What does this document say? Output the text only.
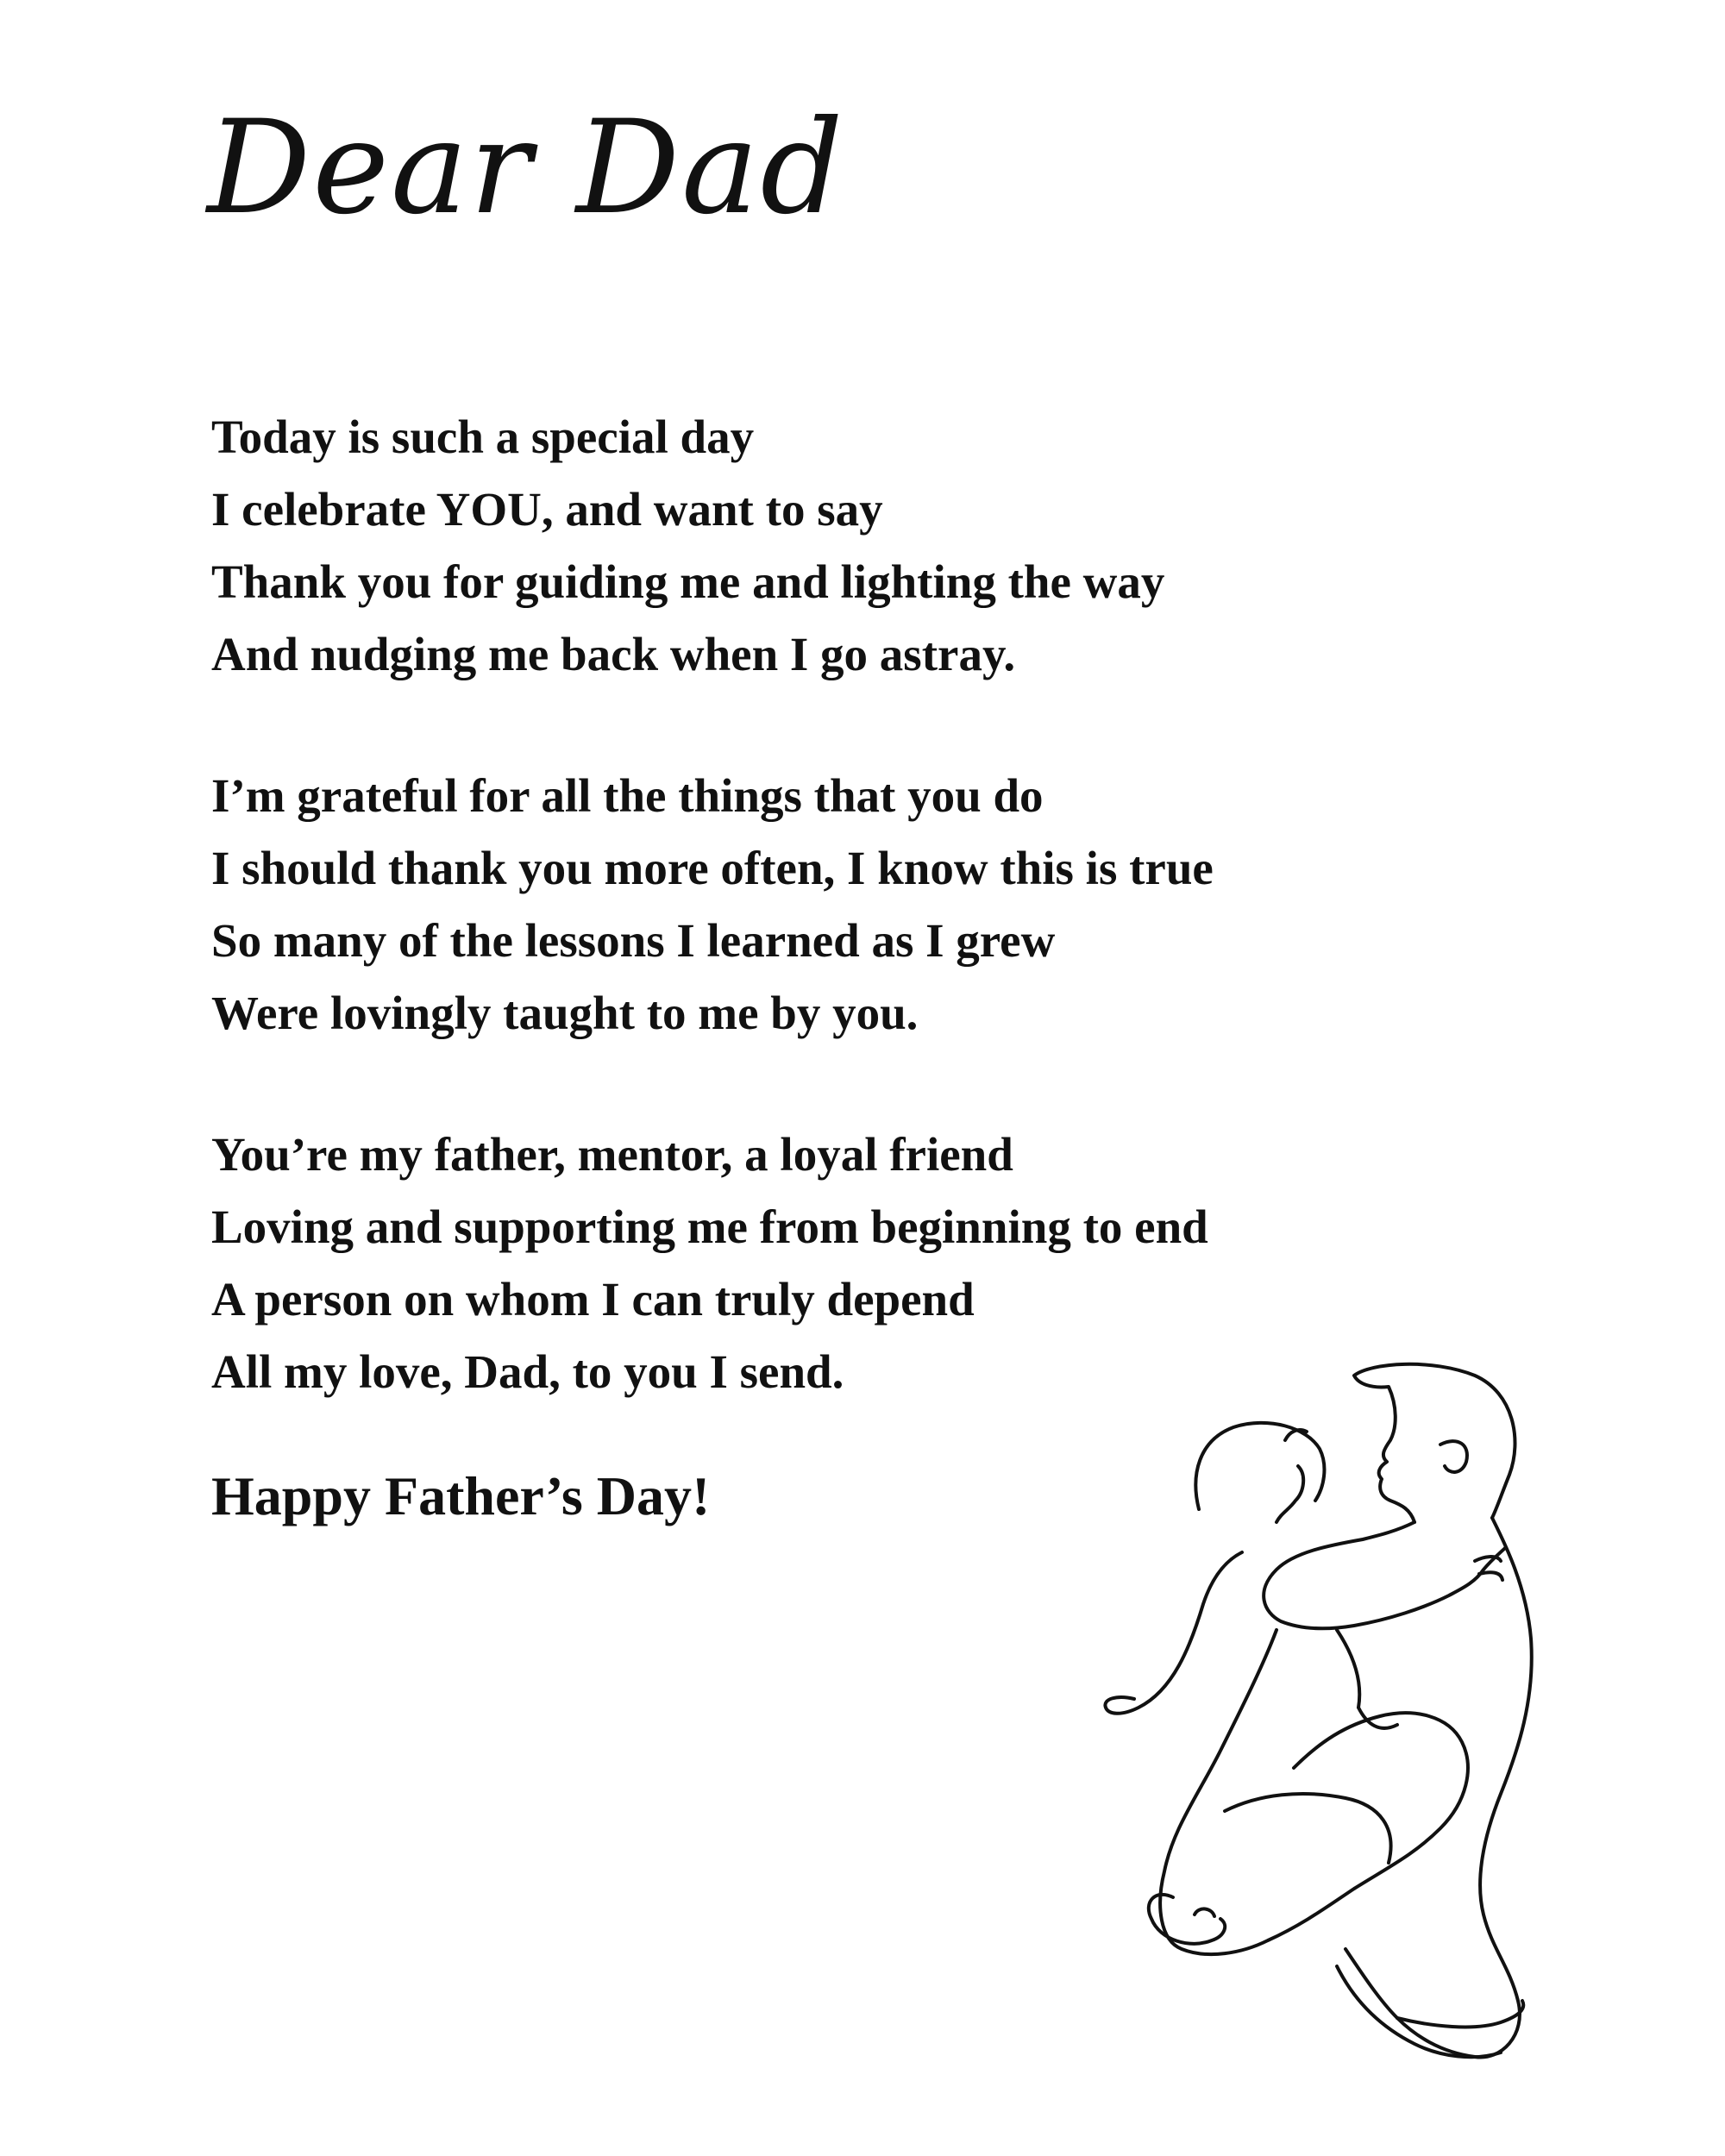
Dear Dad
Today is such a special day
I celebrate YOU, and want to say
Thank you for guiding me and lighting the way
And nudging me back when I go astray.
I’m grateful for all the things that you do
I should thank you more often, I know this is true
So many of the lessons I learned as I grew
Were lovingly taught to me by you.
You’re my father, mentor, a loyal friend
Loving and supporting me from beginning to end
A person on whom I can truly depend
All my love, Dad, to you I send.
Happy Father’s Day!
